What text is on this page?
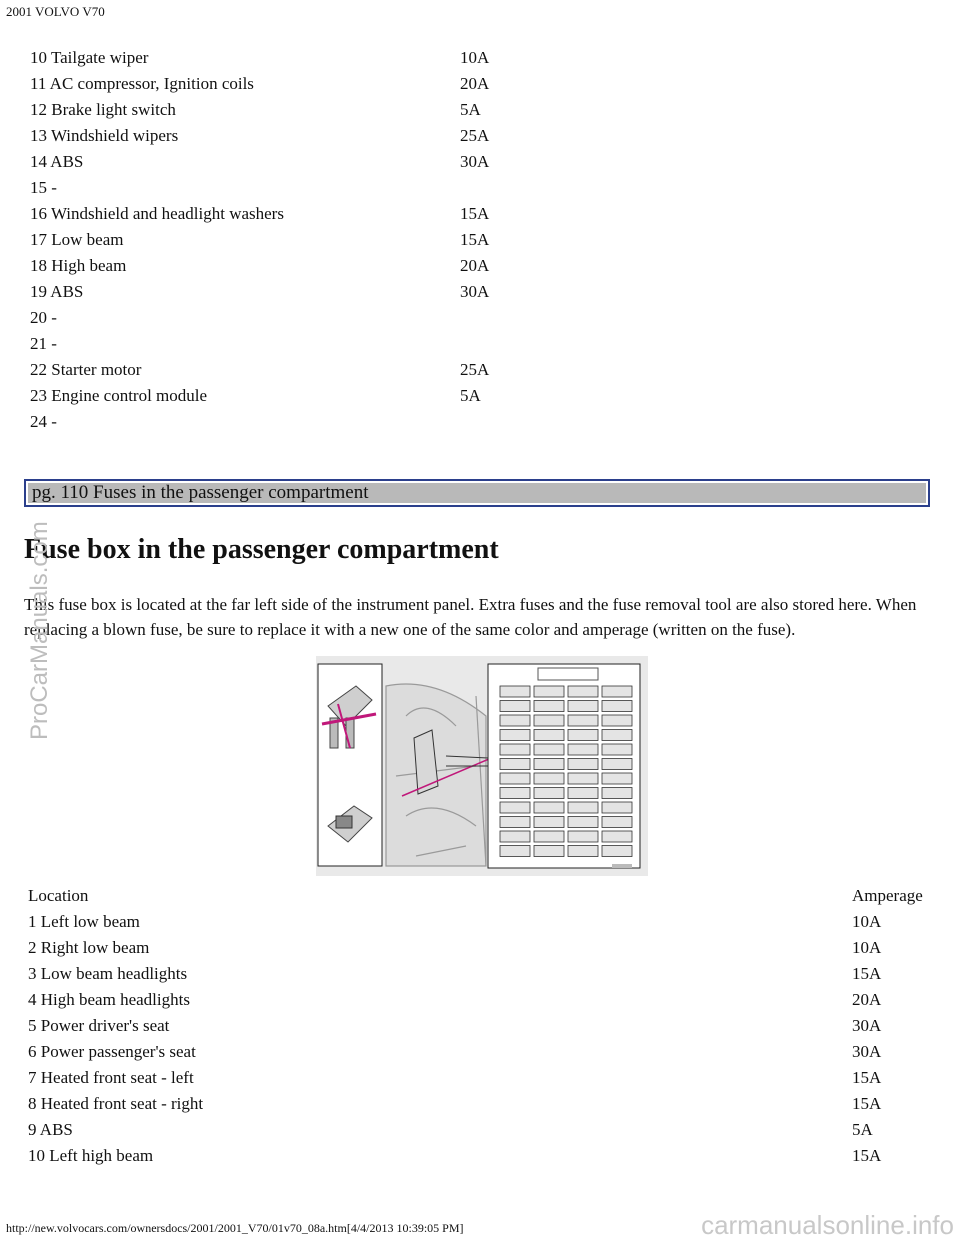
2001 VOLVO V70
10 Tailgate wiper	10A
11 AC compressor, Ignition coils	20A
12 Brake light switch	5A
13 Windshield wipers	25A
14 ABS	30A
15 -
16 Windshield and headlight washers	15A
17 Low beam	15A
18 High beam	20A
19 ABS	30A
20 -
21 -
22 Starter motor	25A
23 Engine control module	5A
24 -
pg. 110 Fuses in the passenger compartment
Fuse box in the passenger compartment

This fuse box is located at the far left side of the instrument panel. Extra fuses and the fuse removal tool are also stored here. When replacing a blown fuse, be sure to replace it with a new one of the same color and amperage (written on the fuse).

Location	Amperage
1 Left low beam	10A
2 Right low beam	10A
3 Low beam headlights	15A
4 High beam headlights	20A
5 Power driver's seat	30A
6 Power passenger's seat	30A
7 Heated front seat - left	15A
8 Heated front seat - right	15A
9 ABS	5A
10 Left high beam	15A
ProCarManuals.com
carmanualsonline.info
http://new.volvocars.com/ownersdocs/2001/2001_V70/01v70_08a.htm[4/4/2013 10:39:05 PM]
